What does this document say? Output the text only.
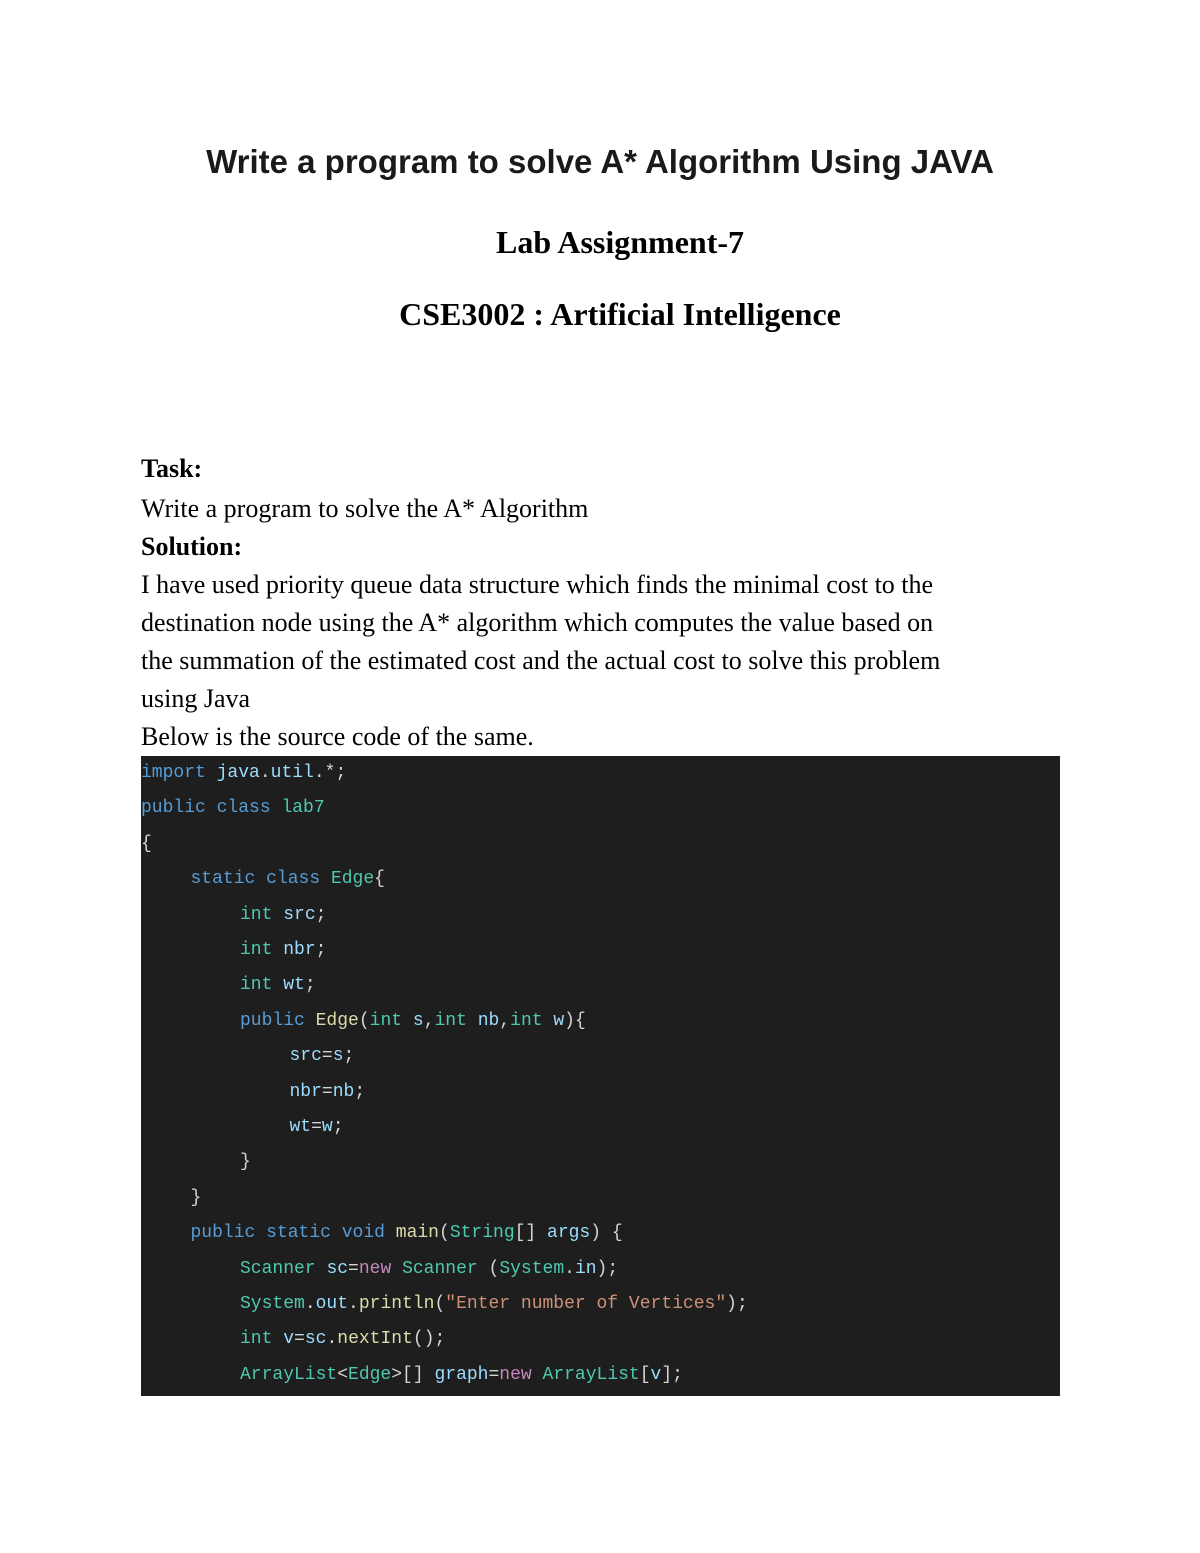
Write a program to solve A* Algorithm Using JAVA
Lab Assignment-7
CSE3002 : Artificial Intelligence

Task:

Write a program to solve the A* Algorithm

Solution:

I have used priority queue data structure which finds the minimal cost to the

destination node using the A* algorithm which computes the value based on

the summation of the estimated cost and the actual cost to solve this problem

using Java

Below is the source code of the same.

import java.util.*;
public class lab7
{
static class Edge{
int src;
int nbr;
int wt;
public Edge(int s,int nb,int w){
src=s;
nbr=nb;
wt=w;
}
}
public static void main(String[] args) {
Scanner sc=new Scanner (System.in);
System.out.println("Enter number of Vertices");
int v=sc.nextInt();
ArrayList<Edge>[] graph=new ArrayList[v];
